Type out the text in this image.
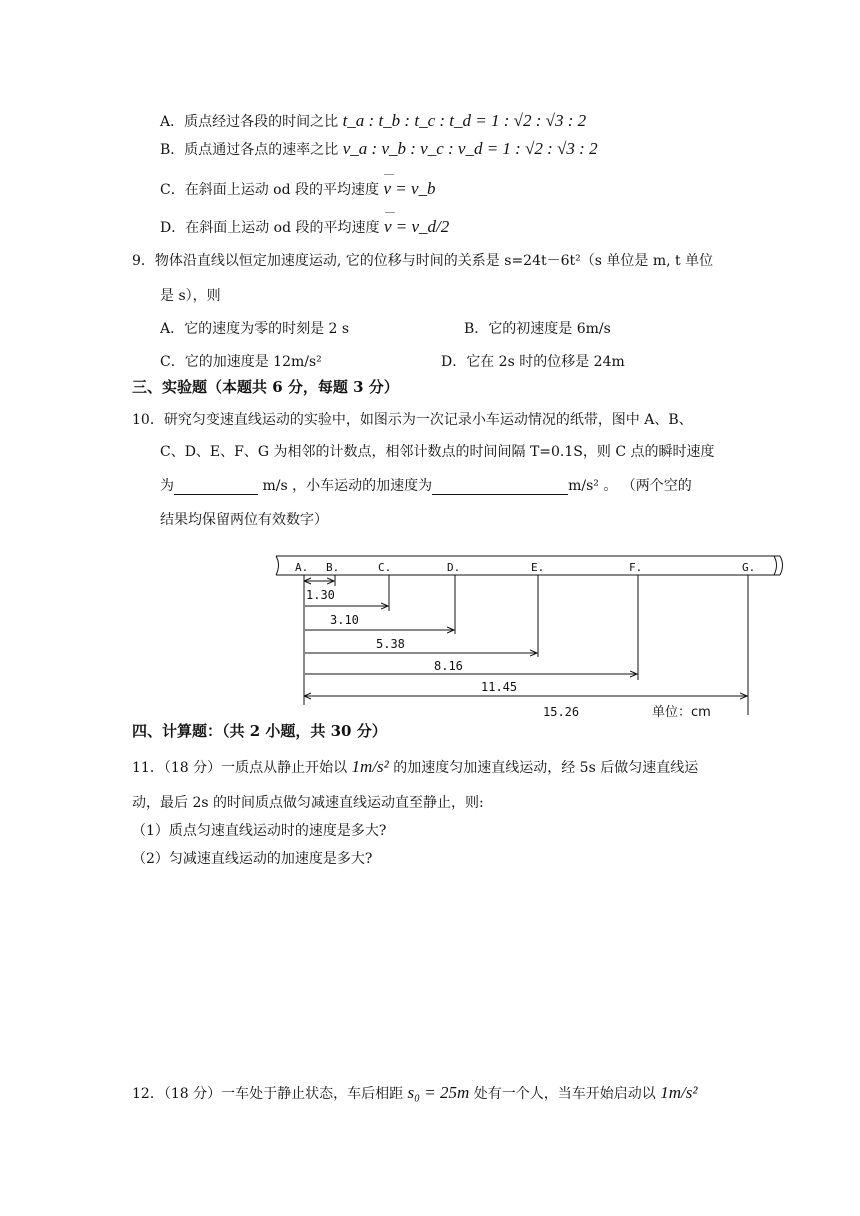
A．质点经过各段的时间之比 t_a : t_b : t_c : t_d = 1 : √2 : √3 : 2
B．质点通过各点的速率之比 v_a : v_b : v_c : v_d = 1 : √2 : √3 : 2
C．在斜面上运动 od 段的平均速度 v = v_b
D．在斜面上运动 od 段的平均速度 v = v_d/2
9．物体沿直线以恒定加速度运动, 它的位移与时间的关系是 s=24t－6t²（s 单位是 m, t 单位
是 s），则
A．它的速度为零的时刻是 2 s	B．它的初速度是 6m/s
C．它的加速度是 12m/s²	D．它在 2s 时的位移是 24m
三、实验题（本题共 6 分，每题 3 分）
10．研究匀变速直线运动的实验中，如图示为一次记录小车运动情况的纸带，图中 A、B、
C、D、E、F、G 为相邻的计数点，相邻计数点的时间间隔 T=0.1S，则 C 点的瞬时速度
为	m/s ，小车运动的加速度为	m/s² 。 （两个空的
结果均保留两位有效数字）
A. B.	C.	D.	E.	F.	G.
1.30
3.10
5.38
8.16
11.45
15.26	单位：cm
四、计算题：（共 2 小题，共 30 分）
11．（18 分）一质点从静止开始以 1m/s² 的加速度匀加速直线运动，经 5s 后做匀速直线运
动，最后 2s 的时间质点做匀减速直线运动直至静止，则:
（1）质点匀速直线运动时的速度是多大?
（2）匀减速直线运动的加速度是多大?
12．（18 分）一车处于静止状态，车后相距 s₀ = 25m 处有一个人，当车开始启动以 1m/s²
